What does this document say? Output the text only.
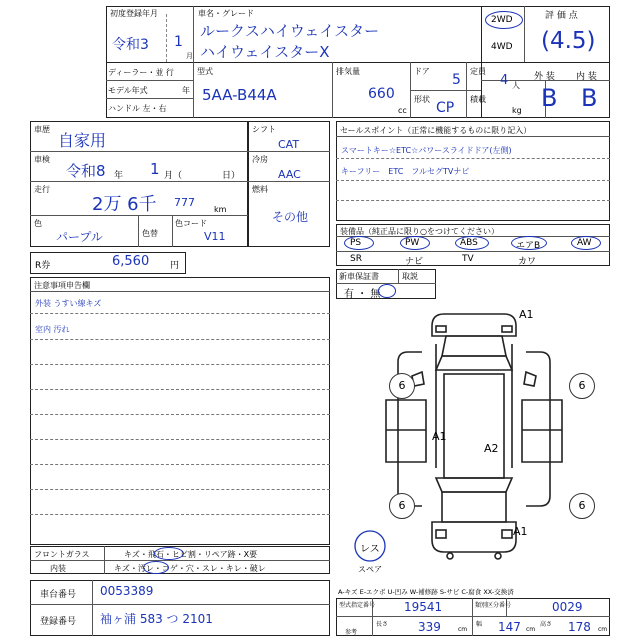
初度登録年月
令和3 1
月
車名・グレード
ルークスハイウェイスター
ハイウェイスターX
2WD
4WD
評 価 点
(4.5)
ディーラー・並 行
モデル年式	年
ハンドル 左・右
型式
5AA-B44A
排気量
660
cc
ドア
5
形状
CP
定員
4 人
積載
kg
外 装 内 装
B B
車歴
自家用
車検
令和8 年 1 月（	日）
走行
2万 6千 777
km
色
パープル	色替
色コード
V11
シフト
CAT
冷房
AAC
燃料
その他
R券	6,560 円
セールスポイント（正常に機能するものに限り記入）
スマートキー☆ETC☆パワースライドドア(左側)
キーフリー　ETC　フルセグTVナビ
装備品（純正品に限り○をつけてください）
PS	PW	ABS	エアB	AW
SR	ナビ	TV	カワ
新車保証書	取説
有 ・ 無
注意事項申告欄
外装 うすい線キズ
室内 汚れ
6	6
6	6
A1
A1
A2
A1
レス
スペア
フロントガラス	キズ・飛石・ヒビ割・リペア跡・X要
内装	キズ・汚レ・コゲ・穴・スレ・キレ・破レ
車台番号 0053389
登録番号 袖ヶ浦 583 つ 2101
A-キズ E-エクボ U-凹み W-補修跡 S-サビ C-腐食 XX-交換済
型式指定番号 19541	類別区分番号	0029
長さ 339	cm
幅 147 cm
高さ 178 cm
参考
